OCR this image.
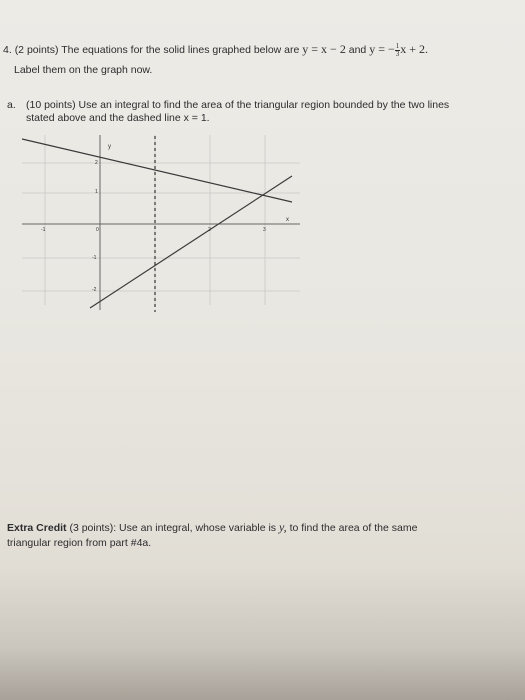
4. (2 points) The equations for the solid lines graphed below are y = x − 2 and y = − $\frac{1}{3}$ x + 2.
Label them on the graph now.
a. (10 points) Use an integral to find the area of the triangular region bounded by the two lines
stated above and the dashed line x = 1.
y
x
2
1
-1
-2
-1	0	2	3
Extra Credit (3 points): Use an integral, whose variable is y, to find the area of the same
triangular region from part #4a.
